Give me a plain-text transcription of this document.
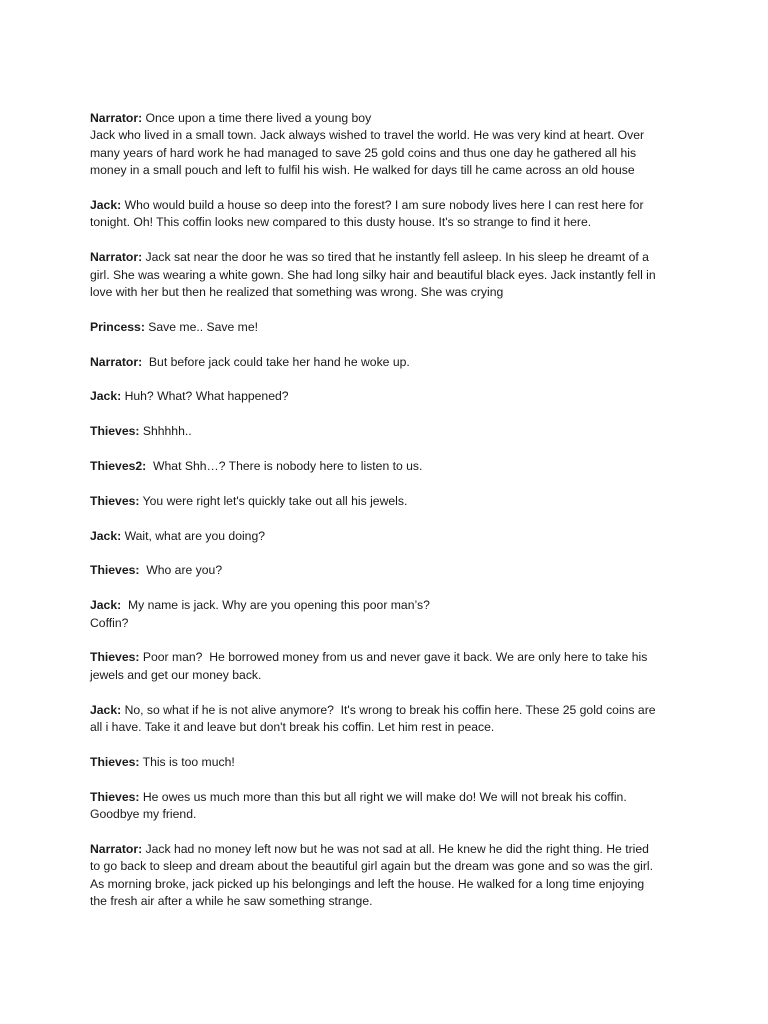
Narrator: Once upon a time there lived a young boy
Jack who lived in a small town. Jack always wished to travel the world. He was very kind at heart. Over
many years of hard work he had managed to save 25 gold coins and thus one day he gathered all his
money in a small pouch and left to fulfil his wish. He walked for days till he came across an old house

Jack: Who would build a house so deep into the forest? I am sure nobody lives here I can rest here for
tonight. Oh! This coffin looks new compared to this dusty house. It's so strange to find it here.

Narrator: Jack sat near the door he was so tired that he instantly fell asleep. In his sleep he dreamt of a
girl. She was wearing a white gown. She had long silky hair and beautiful black eyes. Jack instantly fell in
love with her but then he realized that something was wrong. She was crying

Princess: Save me.. Save me!

Narrator:  But before jack could take her hand he woke up.

Jack: Huh? What? What happened?

Thieves: Shhhhh..

Thieves2:  What Shh…? There is nobody here to listen to us.

Thieves: You were right let's quickly take out all his jewels.

Jack: Wait, what are you doing?

Thieves:  Who are you?

Jack:  My name is jack. Why are you opening this poor man’s?
Coffin?

Thieves: Poor man?  He borrowed money from us and never gave it back. We are only here to take his
jewels and get our money back.

Jack: No, so what if he is not alive anymore?  It's wrong to break his coffin here. These 25 gold coins are
all i have. Take it and leave but don't break his coffin. Let him rest in peace.

Thieves: This is too much!

Thieves: He owes us much more than this but all right we will make do! We will not break his coffin.
Goodbye my friend.

Narrator: Jack had no money left now but he was not sad at all. He knew he did the right thing. He tried
to go back to sleep and dream about the beautiful girl again but the dream was gone and so was the girl.
As morning broke, jack picked up his belongings and left the house. He walked for a long time enjoying
the fresh air after a while he saw something strange.
